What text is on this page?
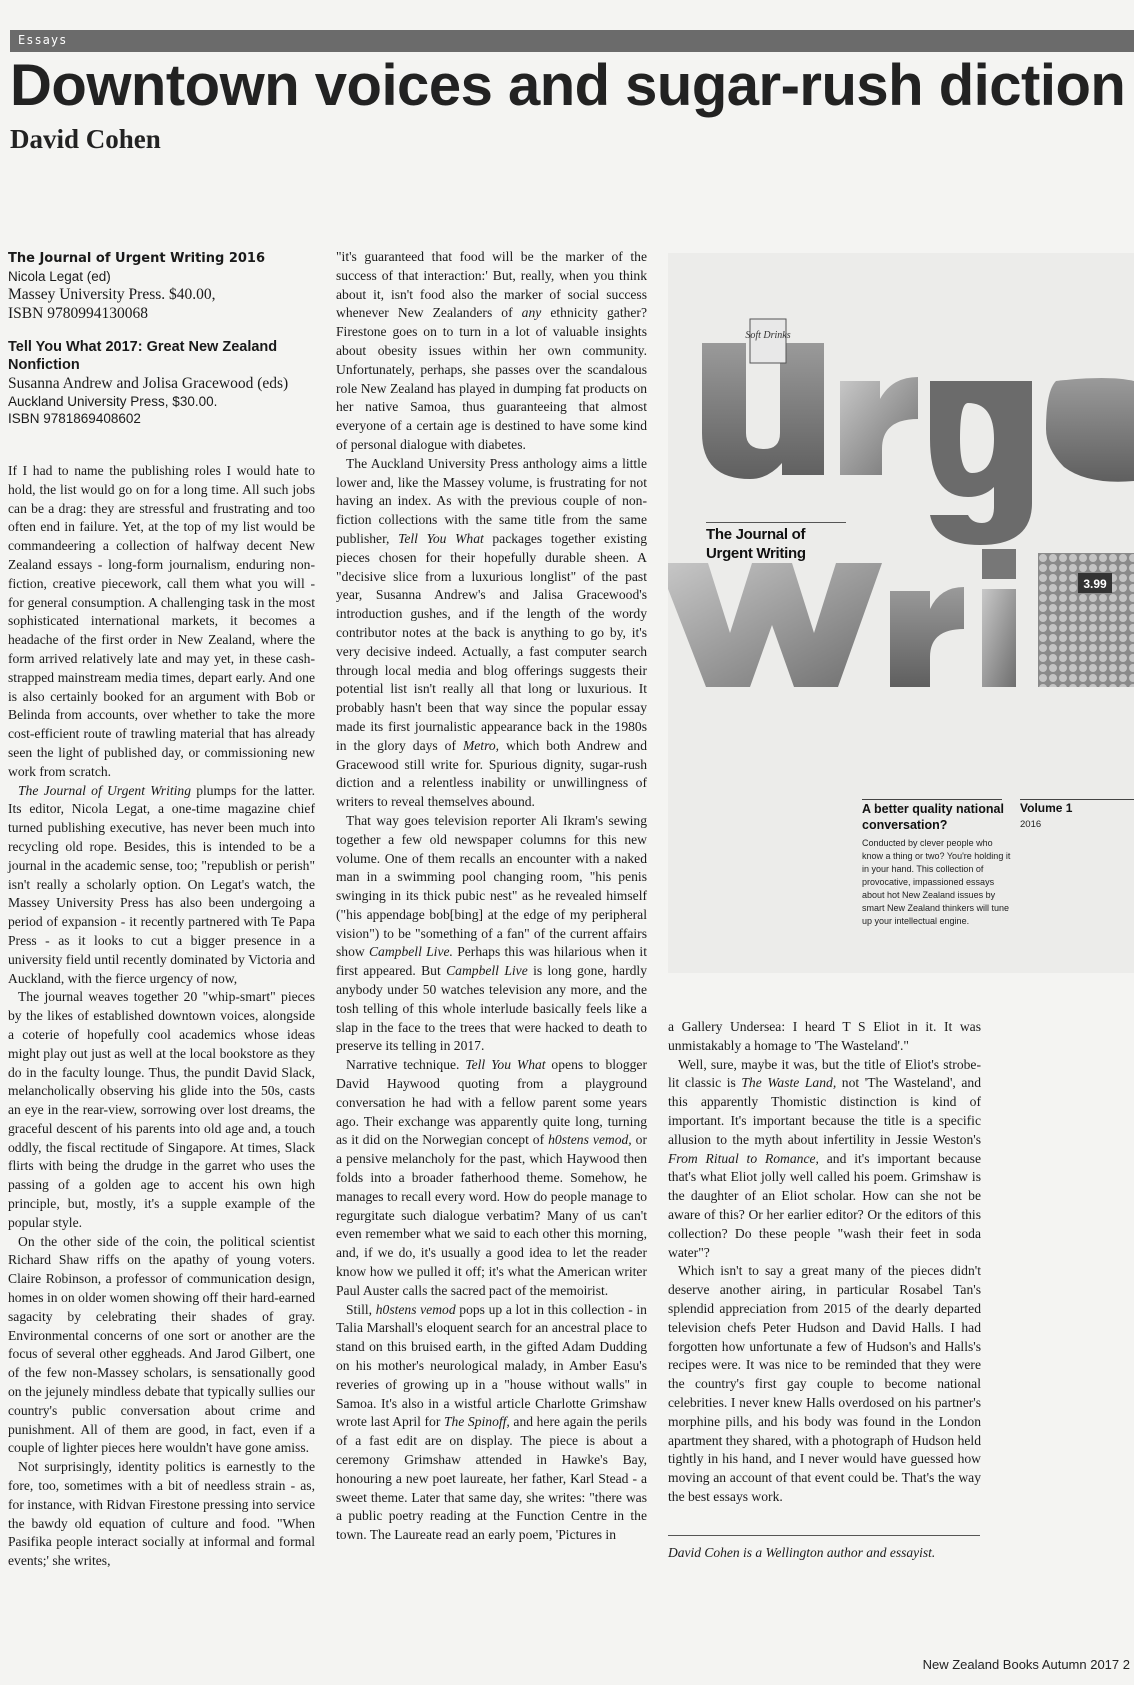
Essays
Downtown voices and sugar-rush diction
David Cohen
The Journal of Urgent Writing 2016
Nicola Legat (ed)
Massey University Press. $40.00,
ISBN 9780994130068
Tell You What 2017: Great New Zealand Nonfiction
Susanna Andrew and Jolisa Gracewood (eds)
Auckland University Press, $30.00.
ISBN 9781869408602

If I had to name the publishing roles I would hate to hold, the list would go on for a long time. All such jobs can be a drag: they are stressful and frustrating and too often end in failure. Yet, at the top of my list would be commandeering a collection of halfway decent New Zealand essays - long-form journalism, enduring non-fiction, creative piecework, call them what you will - for general consumption. A challenging task in the most sophisticated international markets, it becomes a headache of the first order in New Zealand, where the form arrived relatively late and may yet, in these cash-strapped mainstream media times, depart early. And one is also certainly booked for an argument with Bob or Belinda from accounts, over whether to take the more cost-efficient route of trawling material that has already seen the light of published day, or commissioning new work from scratch.

The Journal of Urgent Writing plumps for the latter. Its editor, Nicola Legat, a one-time magazine chief turned publishing executive, has never been much into recycling old rope. Besides, this is intended to be a journal in the academic sense, too; "republish or perish" isn't really a scholarly option. On Legat's watch, the Massey University Press has also been undergoing a period of expansion - it recently partnered with Te Papa Press - as it looks to cut a bigger presence in a university field until recently dominated by Victoria and Auckland, with the fierce urgency of now,

The journal weaves together 20 "whip-smart" pieces by the likes of established downtown voices, alongside a coterie of hopefully cool academics whose ideas might play out just as well at the local bookstore as they do in the faculty lounge. Thus, the pundit David Slack, melancholically observing his glide into the 50s, casts an eye in the rear-view, sorrowing over lost dreams, the graceful descent of his parents into old age and, a touch oddly, the fiscal rectitude of Singapore. At times, Slack flirts with being the drudge in the garret who uses the passing of a golden age to accent his own high principle, but, mostly, it's a supple example of the popular style.

On the other side of the coin, the political scientist Richard Shaw riffs on the apathy of young voters. Claire Robinson, a professor of communication design, homes in on older women showing off their hard-earned sagacity by celebrating their shades of gray. Environmental concerns of one sort or another are the focus of several other eggheads. And Jarod Gilbert, one of the few non-Massey scholars, is sensationally good on the jejunely mindless debate that typically sullies our country's public conversation about crime and punishment. All of them are good, in fact, even if a couple of lighter pieces here wouldn't have gone amiss.

Not surprisingly, identity politics is earnestly to the fore, too, sometimes with a bit of needless strain - as, for instance, with Ridvan Firestone pressing into service the bawdy old equation of culture and food. "When Pasifika people interact socially at informal and formal events;' she writes,

"it's guaranteed that food will be the marker of the success of that interaction:' But, really, when you think about it, isn't food also the marker of social success whenever New Zealanders of any ethnicity gather? Firestone goes on to turn in a lot of valuable insights about obesity issues within her own community. Unfortunately, perhaps, she passes over the scandalous role New Zealand has played in dumping fat products on her native Samoa, thus guaranteeing that almost everyone of a certain age is destined to have some kind of personal dialogue with diabetes.

The Auckland University Press anthology aims a little lower and, like the Massey volume, is frustrating for not having an index. As with the previous couple of non-fiction collections with the same title from the same publisher, Tell You What packages together existing pieces chosen for their hopefully durable sheen. A "decisive slice from a luxurious longlist" of the past year, Susanna Andrew's and Jalisa Gracewood's introduction gushes, and if the length of the wordy contributor notes at the back is anything to go by, it's very decisive indeed. Actually, a fast computer search through local media and blog offerings suggests their potential list isn't really all that long or luxurious. It probably hasn't been that way since the popular essay made its first journalistic appearance back in the 1980s in the glory days of Metro, which both Andrew and Gracewood still write for. Spurious dignity, sugar-rush diction and a relentless inability or unwillingness of writers to reveal themselves abound.

That way goes television reporter Ali Ikram's sewing together a few old newspaper columns for this new volume. One of them recalls an encounter with a naked man in a swimming pool changing room, "his penis swinging in its thick pubic nest" as he revealed himself ("his appendage bob[bing] at the edge of my peripheral vision") to be "something of a fan" of the current affairs show Campbell Live. Perhaps this was hilarious when it first appeared. But Campbell Live is long gone, hardly anybody under 50 watches television any more, and the tosh telling of this whole interlude basically feels like a slap in the face to the trees that were hacked to death to preserve its telling in 2017.

Narrative technique. Tell You What opens to blogger David Haywood quoting from a playground conversation he had with a fellow parent some years ago. Their exchange was apparently quite long, turning as it did on the Norwegian concept of h0stens vemod, or a pensive melancholy for the past, which Haywood then folds into a broader fatherhood theme. Somehow, he manages to recall every word. How do people manage to regurgitate such dialogue verbatim? Many of us can't even remember what we said to each other this morning, and, if we do, it's usually a good idea to let the reader know how we pulled it off; it's what the American writer Paul Auster calls the sacred pact of the memoirist.

Still, h0stens vemod pops up a lot in this collection - in Talia Marshall's eloquent search for an ancestral place to stand on this bruised earth, in the gifted Adam Dudding on his mother's neurological malady, in Amber Easu's reveries of growing up in a "house without walls" in Samoa. It's also in a wistful article Charlotte Grimshaw wrote last April for The Spinoff, and here again the perils of a fast edit are on display. The piece is about a ceremony Grimshaw attended in Hawke's Bay, honouring a new poet laureate, her father, Karl Stead - a sweet theme. Later that same day, she writes: "there was a public poetry reading at the Function Centre in the town. The Laureate read an early poem, 'Pictures in

Soft Drinks
3.99
The Journal of
Urgent Writing
A better quality national conversation?
Conducted by clever people who know a thing or two? You're holding it in your hand. This collection of provocative, impassioned essays about hot New Zealand issues by smart New Zealand thinkers will tune up your intellectual engine.
Volume 1
2016

a Gallery Undersea: I heard T S Eliot in it. It was unmistakably a homage to 'The Wasteland'."

Well, sure, maybe it was, but the title of Eliot's strobe-lit classic is The Waste Land, not 'The Wasteland', and this apparently Thomistic distinction is kind of important. It's important because the title is a specific allusion to the myth about infertility in Jessie Weston's From Ritual to Romance, and it's important because that's what Eliot jolly well called his poem. Grimshaw is the daughter of an Eliot scholar. How can she not be aware of this? Or her earlier editor? Or the editors of this collection? Do these people "wash their feet in soda water"?

Which isn't to say a great many of the pieces didn't deserve another airing, in particular Rosabel Tan's splendid appreciation from 2015 of the dearly departed television chefs Peter Hudson and David Halls. I had forgotten how unfortunate a few of Hudson's and Halls's recipes were. It was nice to be reminded that they were the country's first gay couple to become national celebrities. I never knew Halls overdosed on his partner's morphine pills, and his body was found in the London apartment they shared, with a photograph of Hudson held tightly in his hand, and I never would have guessed how moving an account of that event could be. That's the way the best essays work.

David Cohen is a Wellington author and essayist.
New Zealand Books Autumn 2017 2
